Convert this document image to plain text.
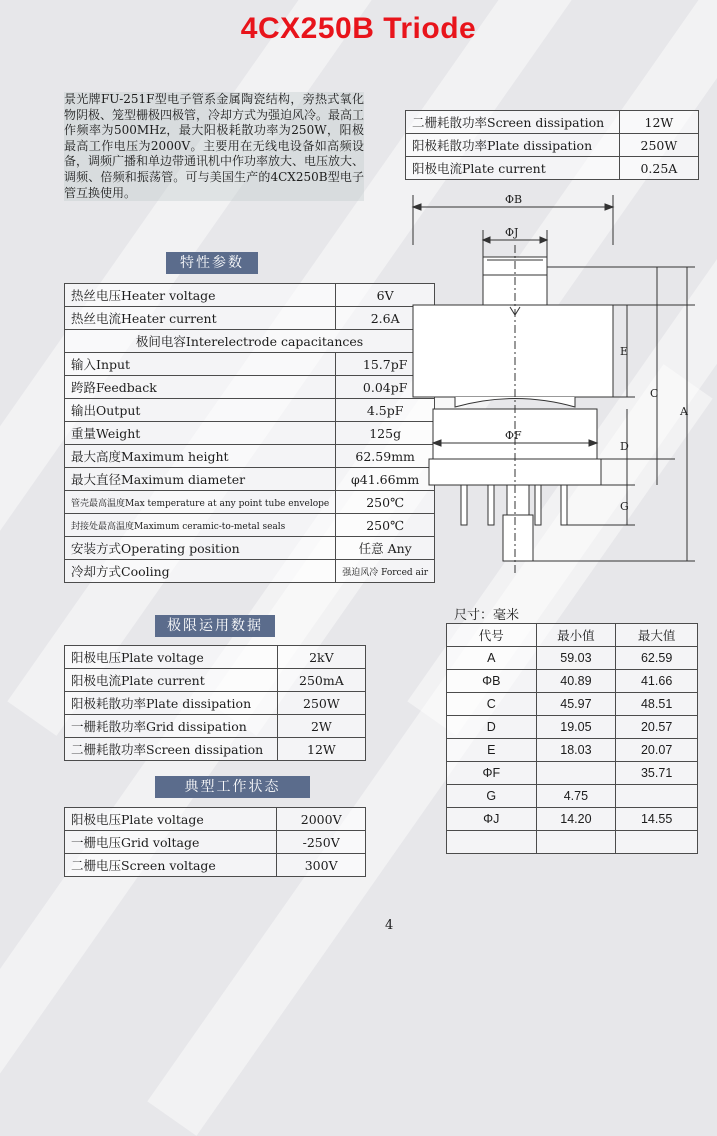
4CX250B Triode
景光牌FU-251F型电子管系金属陶瓷结构，旁热式氧化物阴极、笼型栅极四极管，冷却方式为强迫风冷。最高工作频率为500MHz，最大阳极耗散功率为250W，阳极最高工作电压为2000V。主要用在无线电设备如高频设备，调频广播和单边带通讯机中作功率放大、电压放大、调频、倍频和振荡管。可与美国生产的4CX250B型电子管互换使用。
特性参数
热丝电压Heater voltage	6V
热丝电流Heater current	2.6A
极间电容Interelectrode capacitances	
输入Input	15.7pF
跨路Feedback	0.04pF
输出Output	4.5pF
重量Weight	125g
最大高度Maximum height	62.59mm
最大直径Maximum diameter	φ41.66mm
管壳最高温度Max temperature at any point tube envelope	250℃
封接处最高温度Maximum ceramic-to-metal seals	250℃
安装方式Operating position	任意 Any
冷却方式Cooling	强迫风冷 Forced air
极限运用数据
阳极电压Plate voltage	2kV
阳极电流Plate current	250mA
阳极耗散功率Plate dissipation	250W
一栅耗散功率Grid dissipation	2W
二栅耗散功率Screen dissipation	12W
典型工作状态
阳极电压Plate voltage	2000V
一栅电压Grid voltage	-250V
二栅电压Screen voltage	300V
二栅耗散功率Screen dissipation	12W
阳极耗散功率Plate dissipation	250W
阳极电流Plate current	0.25A
ΦB
ΦJ
ΦF
E
C
A
D
G
尺寸：毫米
代号	最小值	最大值
A	59.03	62.59
ΦB	40.89	41.66
C	45.97	48.51
D	19.05	20.57
E	18.03	20.07
ΦF		35.71
G	4.75	
ΦJ	14.20	14.55

4
